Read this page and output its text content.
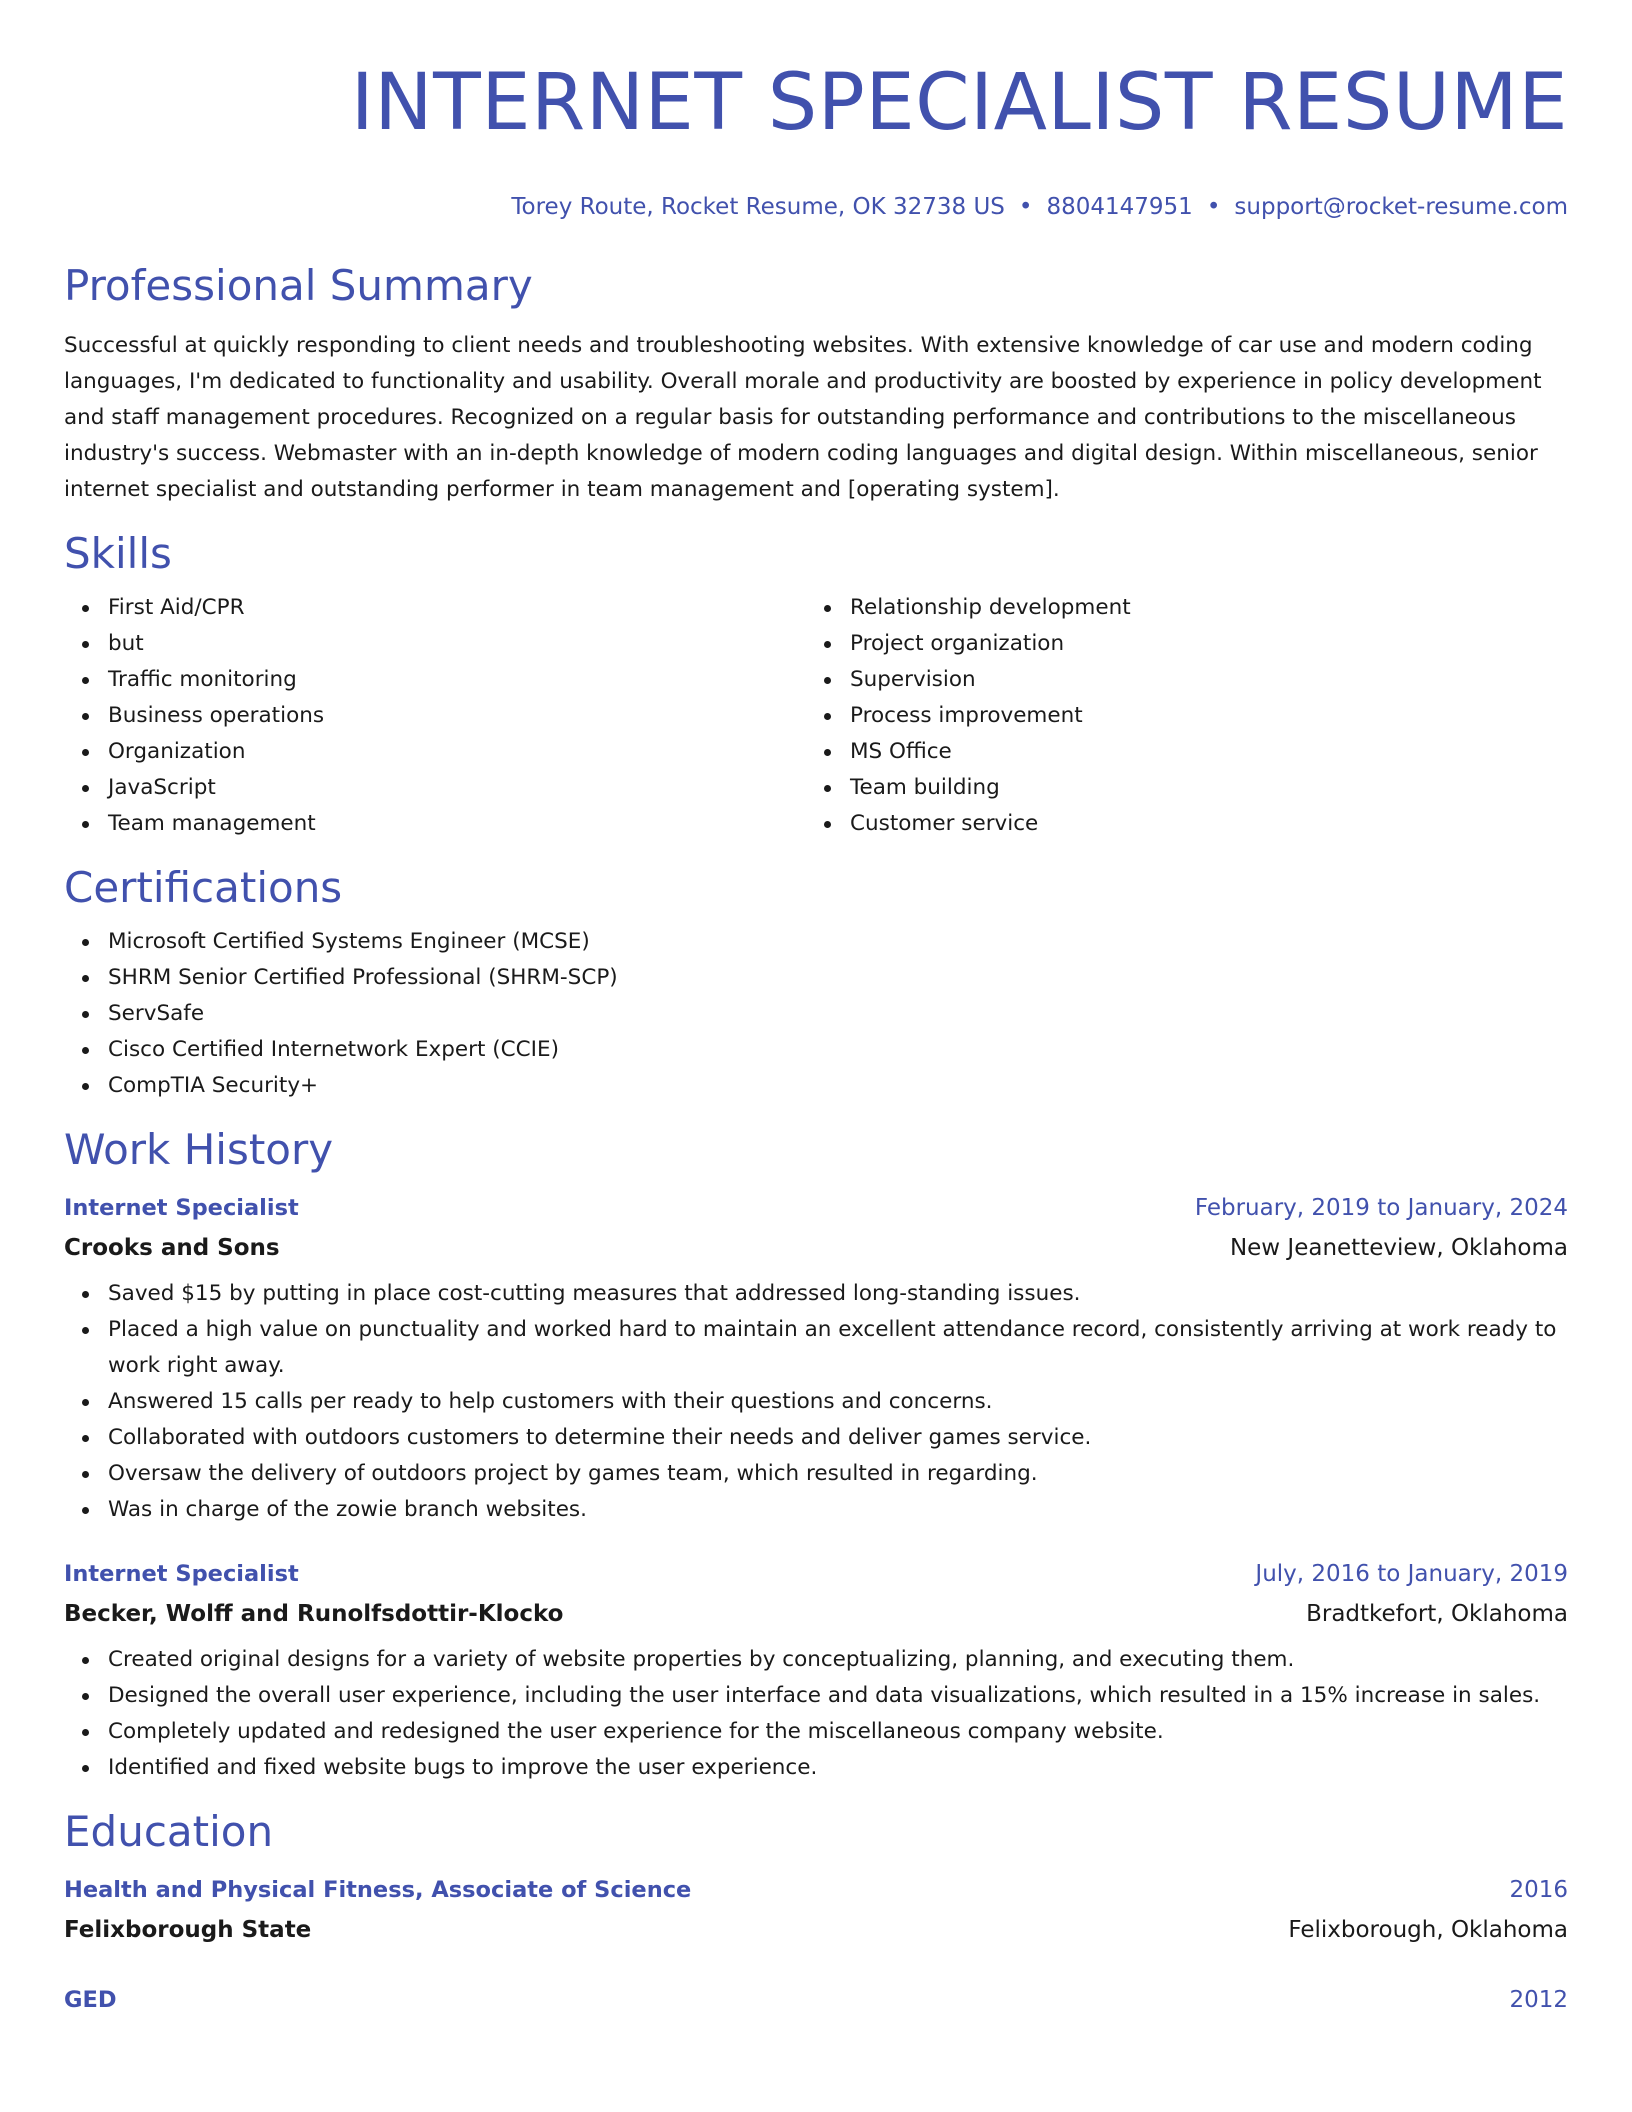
INTERNET SPECIALIST RESUME
Torey Route, Rocket Resume, OK 32738 US • 8804147951 • support@rocket-resume.com
Professional Summary

Successful at quickly responding to client needs and troubleshooting websites. With extensive knowledge of car use and modern coding languages, I'm dedicated to functionality and usability. Overall morale and productivity are boosted by experience in policy development and staff management procedures. Recognized on a regular basis for outstanding performance and contributions to the miscellaneous industry's success. Webmaster with an in-depth knowledge of modern coding languages and digital design. Within miscellaneous, senior internet specialist and outstanding performer in team management and [operating system].

Skills
First Aid/CPR
but
Traffic monitoring
Business operations
Organization
JavaScript
Team management
Relationship development
Project organization
Supervision
Process improvement
MS Office
Team building
Customer service
Certifications
Microsoft Certified Systems Engineer (MCSE)
SHRM Senior Certified Professional (SHRM-SCP)
ServSafe
Cisco Certified Internetwork Expert (CCIE)
CompTIA Security+
Work History
Internet Specialist	February, 2019 to January, 2024
Crooks and Sons	New Jeanetteview, Oklahoma
Saved $15 by putting in place cost-cutting measures that addressed long-standing issues.
Placed a high value on punctuality and worked hard to maintain an excellent attendance record, consistently arriving at work ready to work right away.
Answered 15 calls per ready to help customers with their questions and concerns.
Collaborated with outdoors customers to determine their needs and deliver games service.
Oversaw the delivery of outdoors project by games team, which resulted in regarding.
Was in charge of the zowie branch websites.
Internet Specialist	July, 2016 to January, 2019
Becker, Wolff and Runolfsdottir-Klocko	Bradtkefort, Oklahoma
Created original designs for a variety of website properties by conceptualizing, planning, and executing them.
Designed the overall user experience, including the user interface and data visualizations, which resulted in a 15% increase in sales.
Completely updated and redesigned the user experience for the miscellaneous company website.
Identified and fixed website bugs to improve the user experience.
Education
Health and Physical Fitness, Associate of Science	2016
Felixborough State	Felixborough, Oklahoma
GED	2012
